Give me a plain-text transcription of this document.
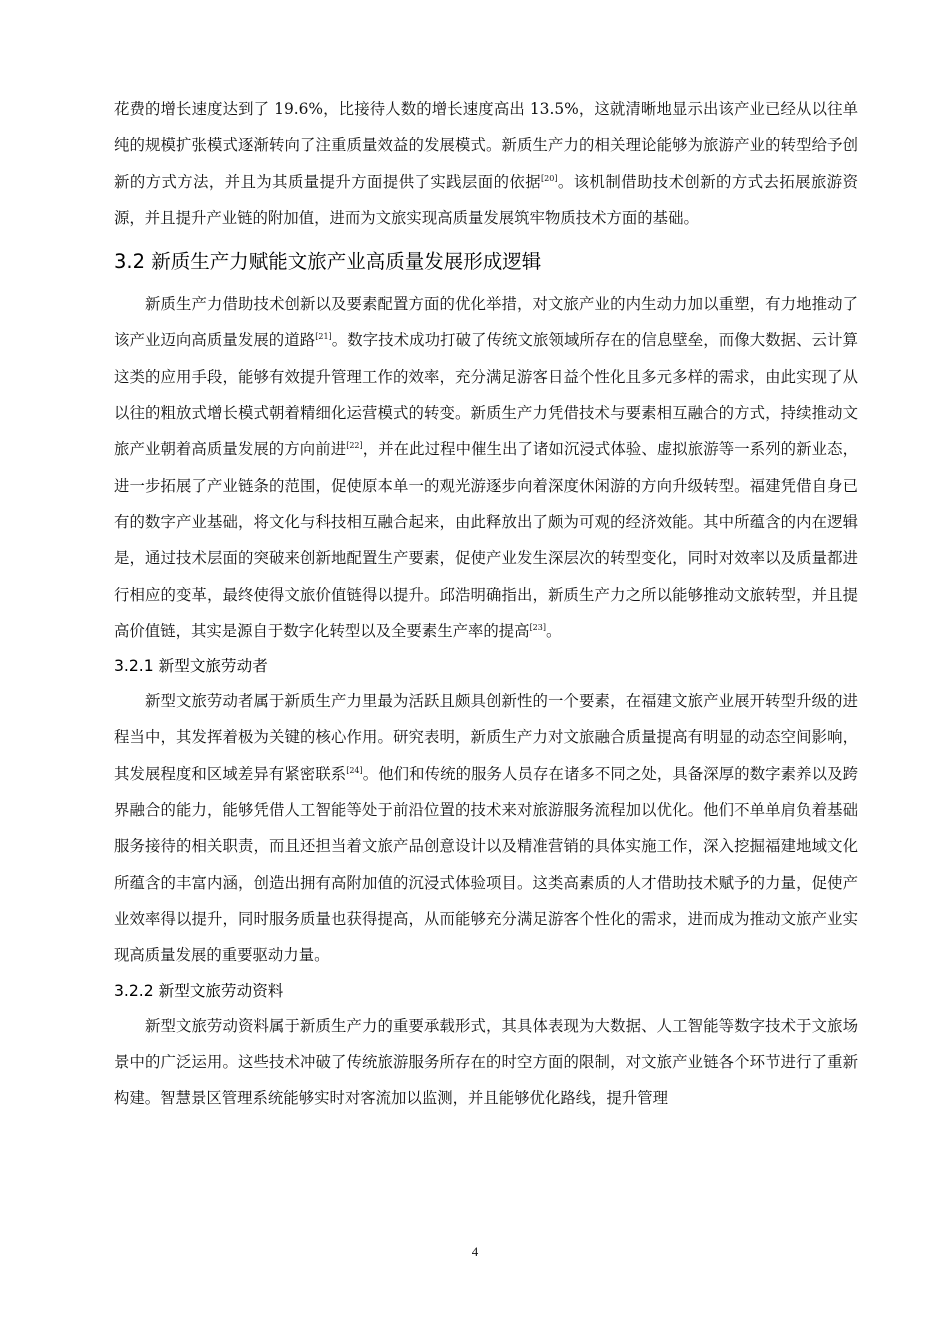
花费的增长速度达到了 19.6%，比接待人数的增长速度高出 13.5%，这就清晰地显示出该产业已经从以往单纯的规模扩张模式逐渐转向了注重质量效益的发展模式。新质生产力的相关理论能够为旅游产业的转型给予创新的方式方法，并且为其质量提升方面提供了实践层面的依据[20]。该机制借助技术创新的方式去拓展旅游资源，并且提升产业链的附加值，进而为文旅实现高质量发展筑牢物质技术方面的基础。

3.2 新质生产力赋能文旅产业高质量发展形成逻辑

新质生产力借助技术创新以及要素配置方面的优化举措，对文旅产业的内生动力加以重塑，有力地推动了该产业迈向高质量发展的道路[21]。数字技术成功打破了传统文旅领域所存在的信息壁垒，而像大数据、云计算这类的应用手段，能够有效提升管理工作的效率，充分满足游客日益个性化且多元多样的需求，由此实现了从以往的粗放式增长模式朝着精细化运营模式的转变。新质生产力凭借技术与要素相互融合的方式，持续推动文旅产业朝着高质量发展的方向前进[22]，并在此过程中催生出了诸如沉浸式体验、虚拟旅游等一系列的新业态，进一步拓展了产业链条的范围，促使原本单一的观光游逐步向着深度休闲游的方向升级转型。福建凭借自身已有的数字产业基础，将文化与科技相互融合起来，由此释放出了颇为可观的经济效能。其中所蕴含的内在逻辑是，通过技术层面的突破来创新地配置生产要素，促使产业发生深层次的转型变化，同时对效率以及质量都进行相应的变革，最终使得文旅价值链得以提升。邱浩明确指出，新质生产力之所以能够推动文旅转型，并且提高价值链，其实是源自于数字化转型以及全要素生产率的提高[23]。

3.2.1 新型文旅劳动者

新型文旅劳动者属于新质生产力里最为活跃且颇具创新性的一个要素，在福建文旅产业展开转型升级的进程当中，其发挥着极为关键的核心作用。研究表明，新质生产力对文旅融合质量提高有明显的动态空间影响，其发展程度和区域差异有紧密联系[24]。他们和传统的服务人员存在诸多不同之处，具备深厚的数字素养以及跨界融合的能力，能够凭借人工智能等处于前沿位置的技术来对旅游服务流程加以优化。他们不单单肩负着基础服务接待的相关职责，而且还担当着文旅产品创意设计以及精准营销的具体实施工作，深入挖掘福建地域文化所蕴含的丰富内涵，创造出拥有高附加值的沉浸式体验项目。这类高素质的人才借助技术赋予的力量，促使产业效率得以提升，同时服务质量也获得提高，从而能够充分满足游客个性化的需求，进而成为推动文旅产业实现高质量发展的重要驱动力量。

3.2.2 新型文旅劳动资料

新型文旅劳动资料属于新质生产力的重要承载形式，其具体表现为大数据、人工智能等数字技术于文旅场景中的广泛运用。这些技术冲破了传统旅游服务所存在的时空方面的限制，对文旅产业链各个环节进行了重新构建。智慧景区管理系统能够实时对客流加以监测，并且能够优化路线，提升管理

4
